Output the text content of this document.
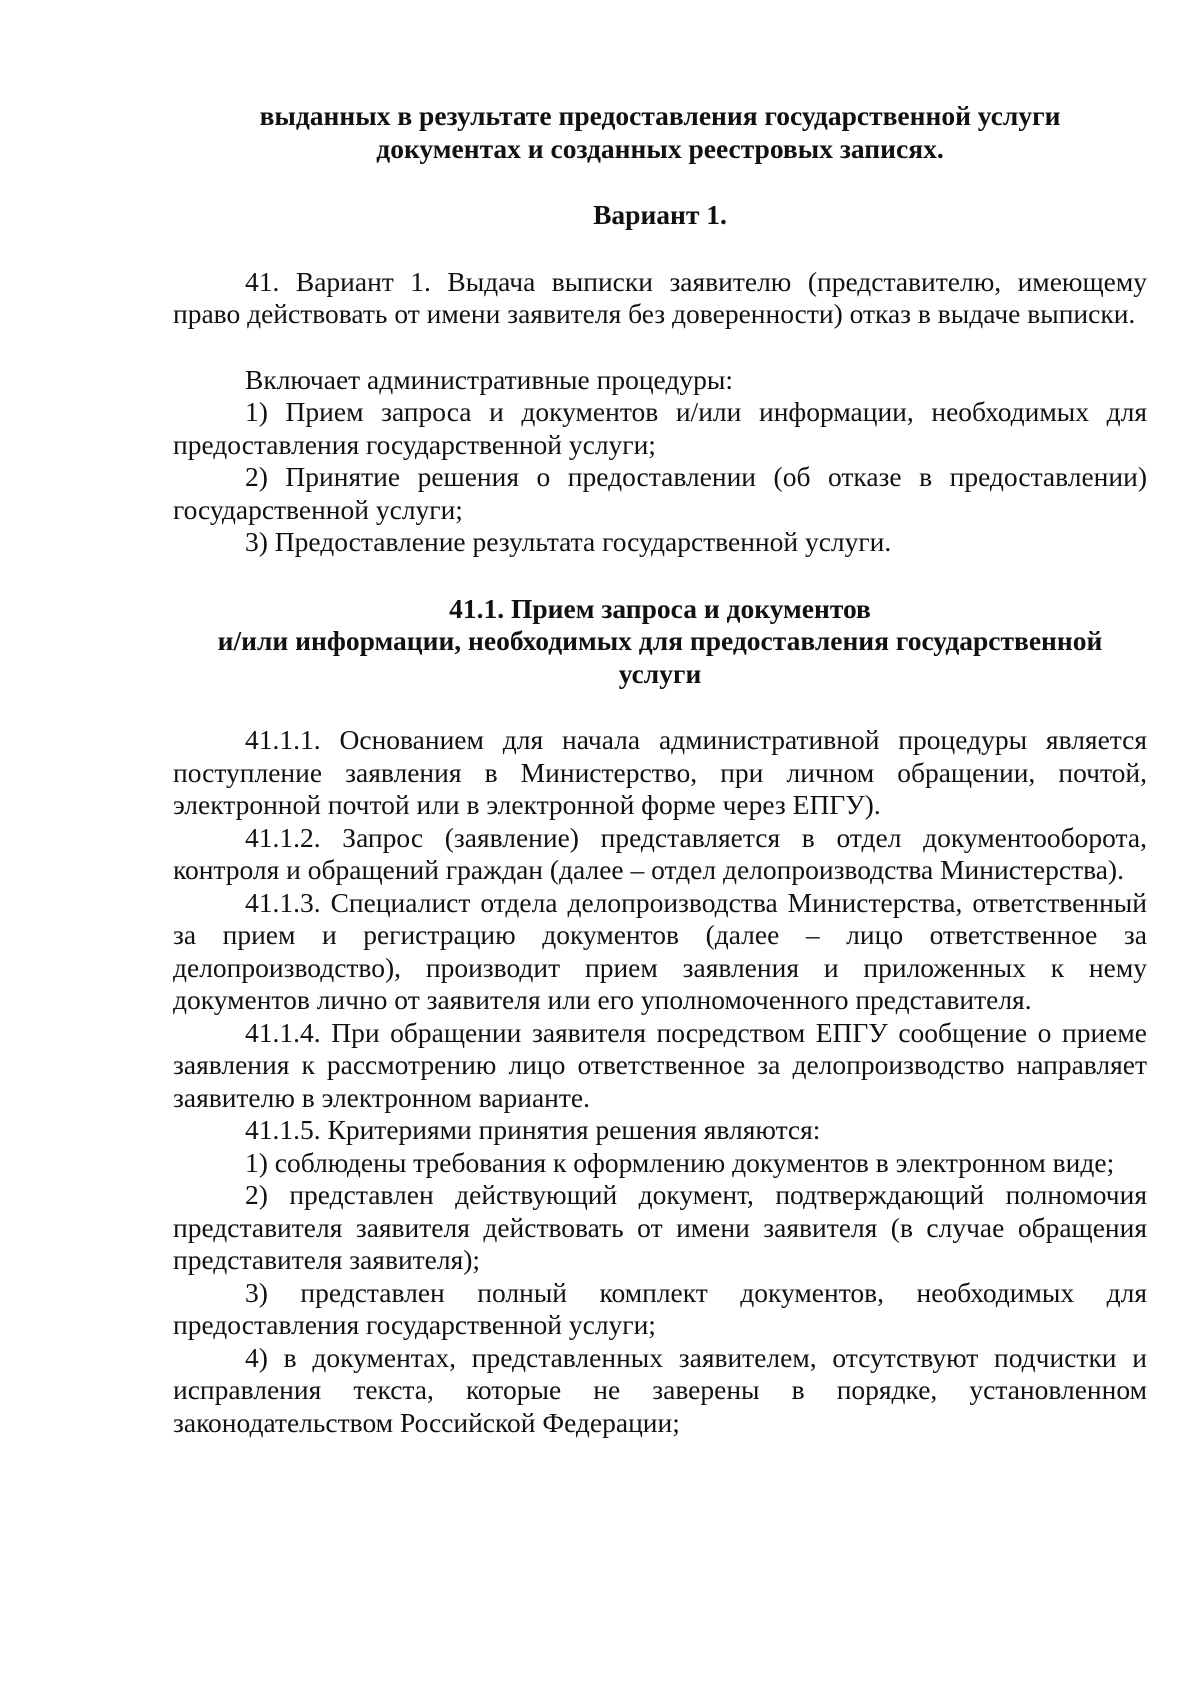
выданных в результате предоставления государственной услуги
документах и созданных реестровых записях.

Вариант 1.

41. Вариант 1. Выдача выписки заявителю (представителю, имеющему право действовать от имени заявителя без доверенности) отказ в выдаче выписки.

Включает административные процедуры:

1) Прием запроса и документов и/или информации, необходимых для предоставления государственной услуги;

2) Принятие решения о предоставлении (об отказе в предоставлении) государственной услуги;

3) Предоставление результата государственной услуги.

41.1. Прием запроса и документов
и/или информации, необходимых для предоставления государственной
услуги

41.1.1. Основанием для начала административной процедуры является поступление заявления в Министерство, при личном обращении, почтой, электронной почтой или в электронной форме через ЕПГУ).

41.1.2. Запрос (заявление) представляется в отдел документооборота, контроля и обращений граждан (далее – отдел делопроизводства Министерства).

41.1.3. Специалист отдела делопроизводства Министерства, ответственный за прием и регистрацию документов (далее – лицо ответственное за делопроизводство), производит прием заявления и приложенных к нему документов лично от заявителя или его уполномоченного представителя.

41.1.4. При обращении заявителя посредством ЕПГУ сообщение о приеме заявления к рассмотрению лицо ответственное за делопроизводство направляет заявителю в электронном варианте.

41.1.5. Критериями принятия решения являются:

1) соблюдены требования к оформлению документов в электронном виде;

2) представлен действующий документ, подтверждающий полномочия представителя заявителя действовать от имени заявителя (в случае обращения представителя заявителя);

3) представлен полный комплект документов, необходимых для предоставления государственной услуги;

4) в документах, представленных заявителем, отсутствуют подчистки и исправления текста, которые не заверены в порядке, установленном законодательством Российской Федерации;
